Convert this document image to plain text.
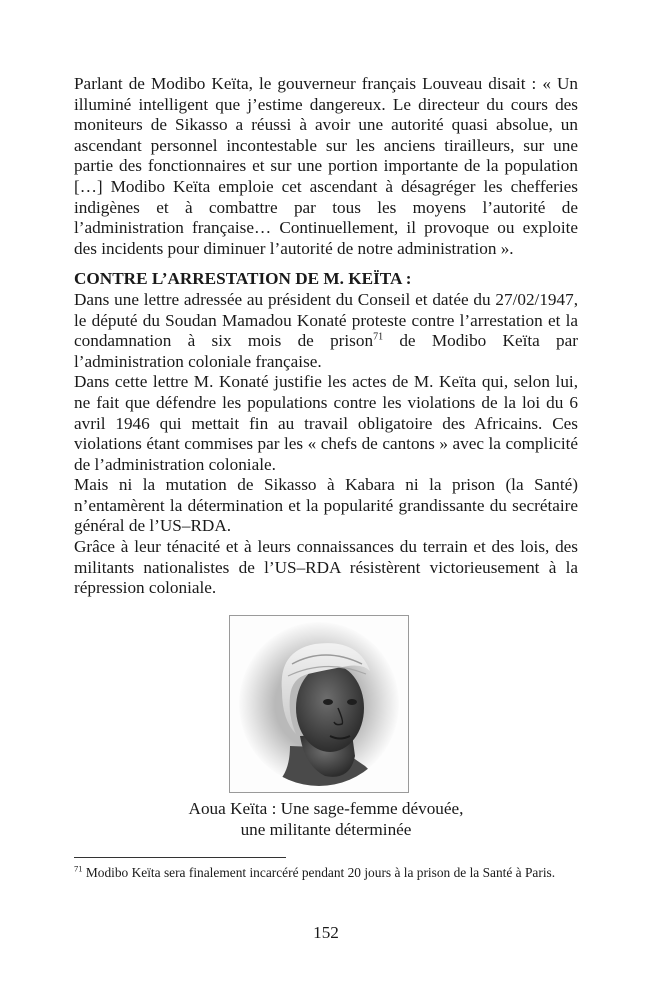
Parlant de Modibo Keïta, le gouverneur français Louveau disait : « Un illuminé intelligent que j’estime dangereux. Le directeur du cours des moniteurs de Sikasso a réussi à avoir une autorité quasi absolue, un ascendant personnel incontestable sur les anciens tirailleurs, sur une partie des fonctionnaires et sur une portion importante de la population […] Modibo Keïta emploie cet ascendant à désagréger les chefferies indigènes et à combattre par tous les moyens l’autorité de l’administration française… Continuellement, il provoque ou exploite des incidents pour diminuer l’autorité de notre administration ».

CONTRE L’ARRESTATION DE M. KEÏTA :

Dans une lettre adressée au président du Conseil et datée du 27/02/1947, le député du Soudan Mamadou Konaté proteste contre l’arrestation et la condamnation à six mois de prison$^{71}$ de Modibo Keïta par l’administration coloniale française.

Dans cette lettre M. Konaté justifie les actes de M. Keïta qui, selon lui, ne fait que défendre les populations contre les violations de la loi du 6 avril 1946 qui mettait fin au travail obligatoire des Africains. Ces violations étant commises par les « chefs de cantons » avec la complicité de l’administration coloniale.

Mais ni la mutation de Sikasso à Kabara ni la prison (la Santé) n’entamèrent la détermination et la popularité grandissante du secrétaire général de l’US–RDA.

Grâce à leur ténacité et à leurs connaissances du terrain et des lois, des militants nationalistes de l’US–RDA résistèrent victorieusement à la répression coloniale.

Aoua Keïta : Une sage-femme dévouée,
une militante déterminée
$^{71}$ Modibo Keïta sera finalement incarcéré pendant 20 jours à la prison de la Santé à Paris.
152
